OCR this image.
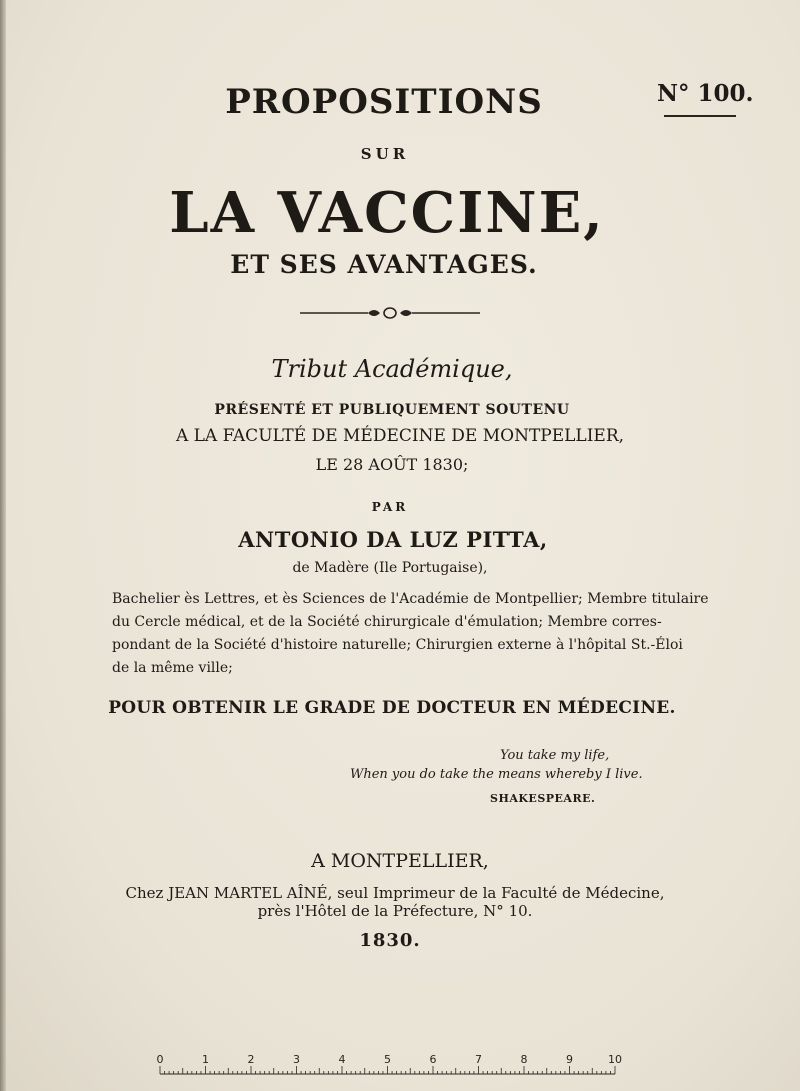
PROPOSITIONS	N° 100.
SUR
LA VACCINE,
ET SES AVANTAGES.
Tribut Académique,
PRÉSENTÉ ET PUBLIQUEMENT SOUTENU
A LA FACULTÉ DE MÉDECINE DE MONTPELLIER,
LE 28 AOÛT 1830;
PAR
ANTONIO DA LUZ PITTA,
de Madère (Ile Portugaise),
Bachelier ès Lettres, et ès Sciences de l'Académie de Montpellier; Membre titulaire
du Cercle médical, et de la Société chirurgicale d'émulation; Membre corres-
pondant de la Société d'histoire naturelle; Chirurgien externe à l'hôpital St.-Éloi
de la même ville;
POUR OBTENIR LE GRADE DE DOCTEUR EN MÉDECINE.
You take my life,
When you do take the means whereby I live.
SHAKESPEARE.
A MONTPELLIER,
Chez JEAN MARTEL AÎNÉ, seul Imprimeur de la Faculté de Médecine,
près l'Hôtel de la Préfecture, N° 10.
1830.
0	1	2	3	4	5	6	7	8	9	10
